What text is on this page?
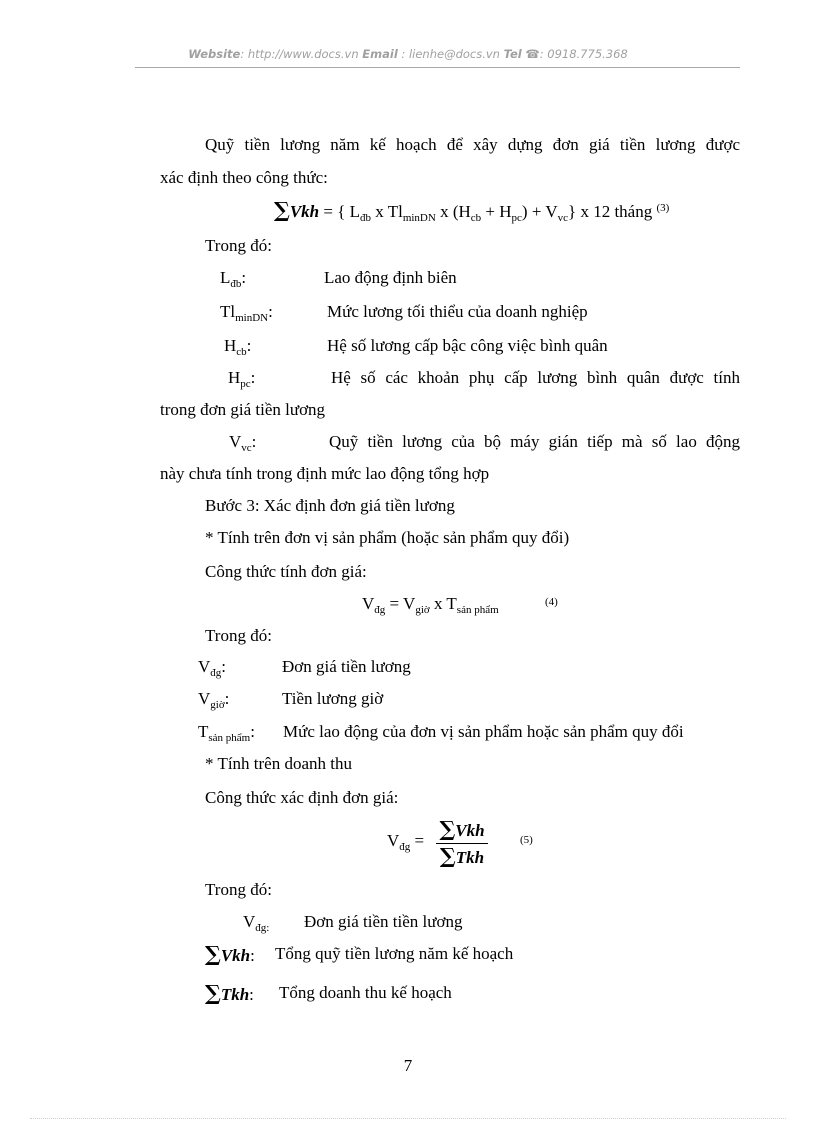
Website: http://www.docs.vn Email : lienhe@docs.vn Tel ☎: 0918.775.368
Quỹ tiền lương năm kế hoạch để xây dựng đơn giá tiền lương được
xác định theo công thức:
∑Vkh = { $L_{đb}$ x $Tl_{minDN}$ x $(H_{cb} + H_{pc}) + V_{vc}$} x 12 tháng $^{(3)}$
Trong đó:
$L_{đb}$:	Lao động định biên
$Tl_{minDN}$:	Mức lương tối thiểu của doanh nghiệp
$H_{cb}$:	Hệ số lương cấp bậc công việc bình quân
$H_{pc}$:	Hệ số các khoản phụ cấp lương bình quân được tính
trong đơn giá tiền lương
$V_{vc}$:	Quỹ tiền lương của bộ máy gián tiếp mà số lao động
này chưa tính trong định mức lao động tổng hợp
Bước 3: Xác định đơn giá tiền lương
* Tính trên đơn vị sản phẩm (hoặc sản phẩm quy đổi)
Công thức tính đơn giá:
$V_{đg} = V_{giờ}$ x $T_{sản phẩm}$
(4)
Trong đó:
$V_{đg}$:	Đơn giá tiền lương
$V_{giờ}$:	Tiền lương giờ
$T_{sản phẩm}$: Mức lao động của đơn vị sản phẩm hoặc sản phẩm quy đổi
* Tính trên doanh thu
Công thức xác định đơn giá:
$V_{đg} = \sum Vkh$
∑Tkh
(5)
Trong đó:
$V_{đg:}$ Đơn giá tiền tiền lương
∑Vkh: Tổng quỹ tiền lương năm kế hoạch
∑Tkh: Tổng doanh thu kế hoạch
7
